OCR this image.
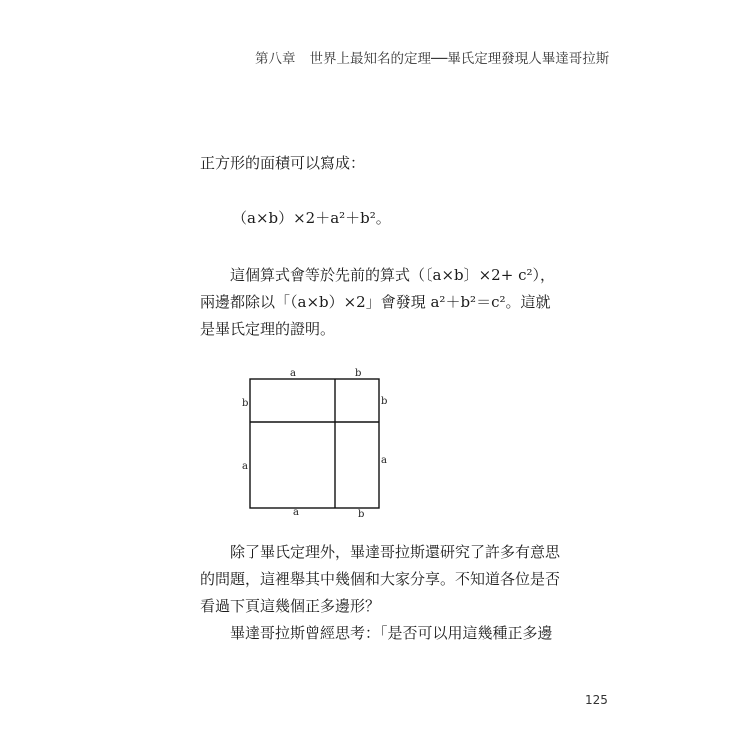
第八章 世界上最知名的定理──畢氏定理發現人畢達哥拉斯
正方形的面積可以寫成：
（a×b）×2＋a²＋b²。
　　這個算式會等於先前的算式（〔a×b〕×2+ c²），
兩邊都除以「（a×b）×2」會發現 a²＋b²＝c²。這就
是畢氏定理的證明。
a	b
b
a
b
a
a	b
　　除了畢氏定理外，畢達哥拉斯還研究了許多有意思
的問題，這裡舉其中幾個和大家分享。不知道各位是否
看過下頁這幾個正多邊形？
　　畢達哥拉斯曾經思考：「是否可以用這幾種正多邊
125
